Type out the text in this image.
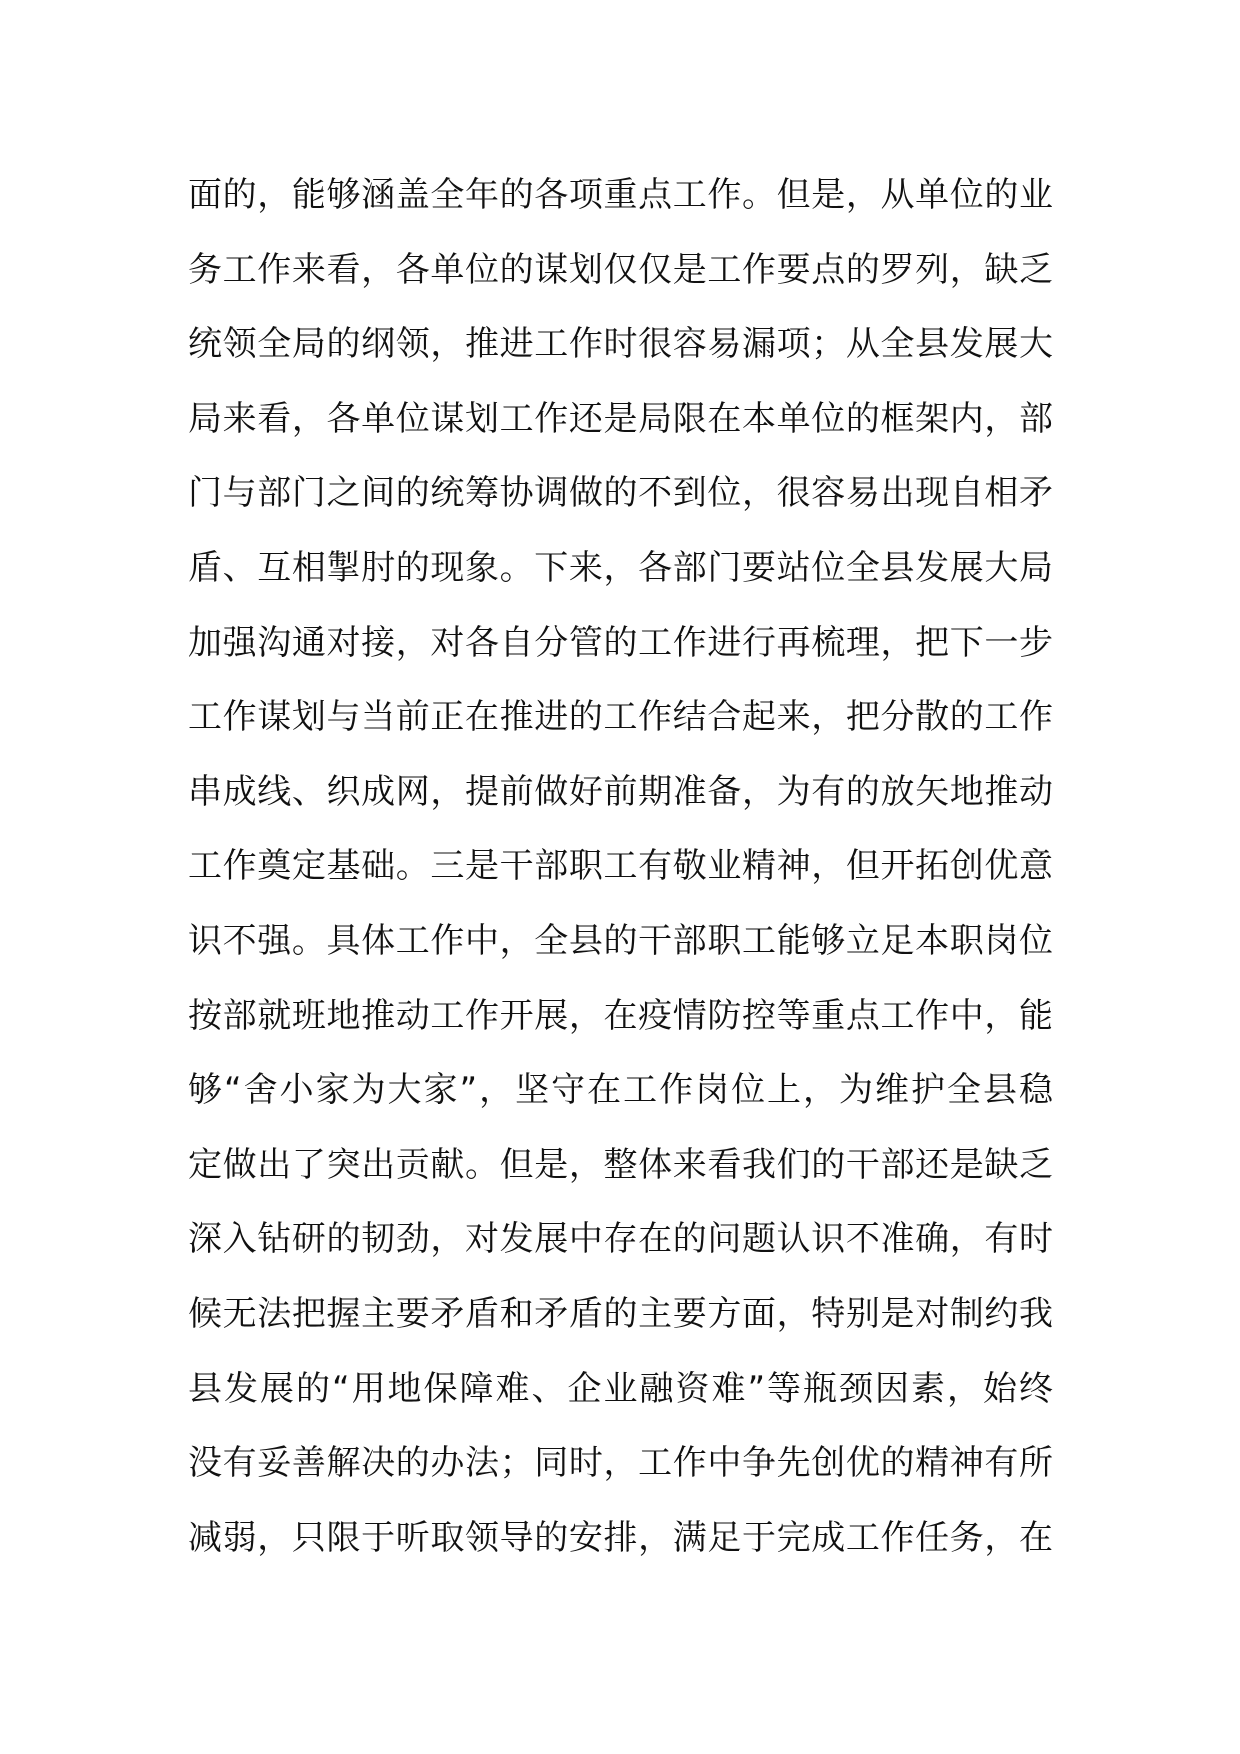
面的，能够涵盖全年的各项重点工作。但是，从单位的业

务工作来看，各单位的谋划仅仅是工作要点的罗列，缺乏

统领全局的纲领，推进工作时很容易漏项；从全县发展大

局来看，各单位谋划工作还是局限在本单位的框架内，部

门与部门之间的统筹协调做的不到位，很容易出现自相矛

盾、互相掣肘的现象。下来，各部门要站位全县发展大局

加强沟通对接，对各自分管的工作进行再梳理，把下一步

工作谋划与当前正在推进的工作结合起来，把分散的工作

串成线、织成网，提前做好前期准备，为有的放矢地推动

工作奠定基础。三是干部职工有敬业精神，但开拓创优意

识不强。具体工作中，全县的干部职工能够立足本职岗位

按部就班地推动工作开展，在疫情防控等重点工作中，能

够“舍小家为大家”，坚守在工作岗位上，为维护全县稳

定做出了突出贡献。但是，整体来看我们的干部还是缺乏

深入钻研的韧劲，对发展中存在的问题认识不准确，有时

候无法把握主要矛盾和矛盾的主要方面，特别是对制约我

县发展的“用地保障难、企业融资难”等瓶颈因素，始终

没有妥善解决的办法；同时，工作中争先创优的精神有所

减弱，只限于听取领导的安排，满足于完成工作任务，在
